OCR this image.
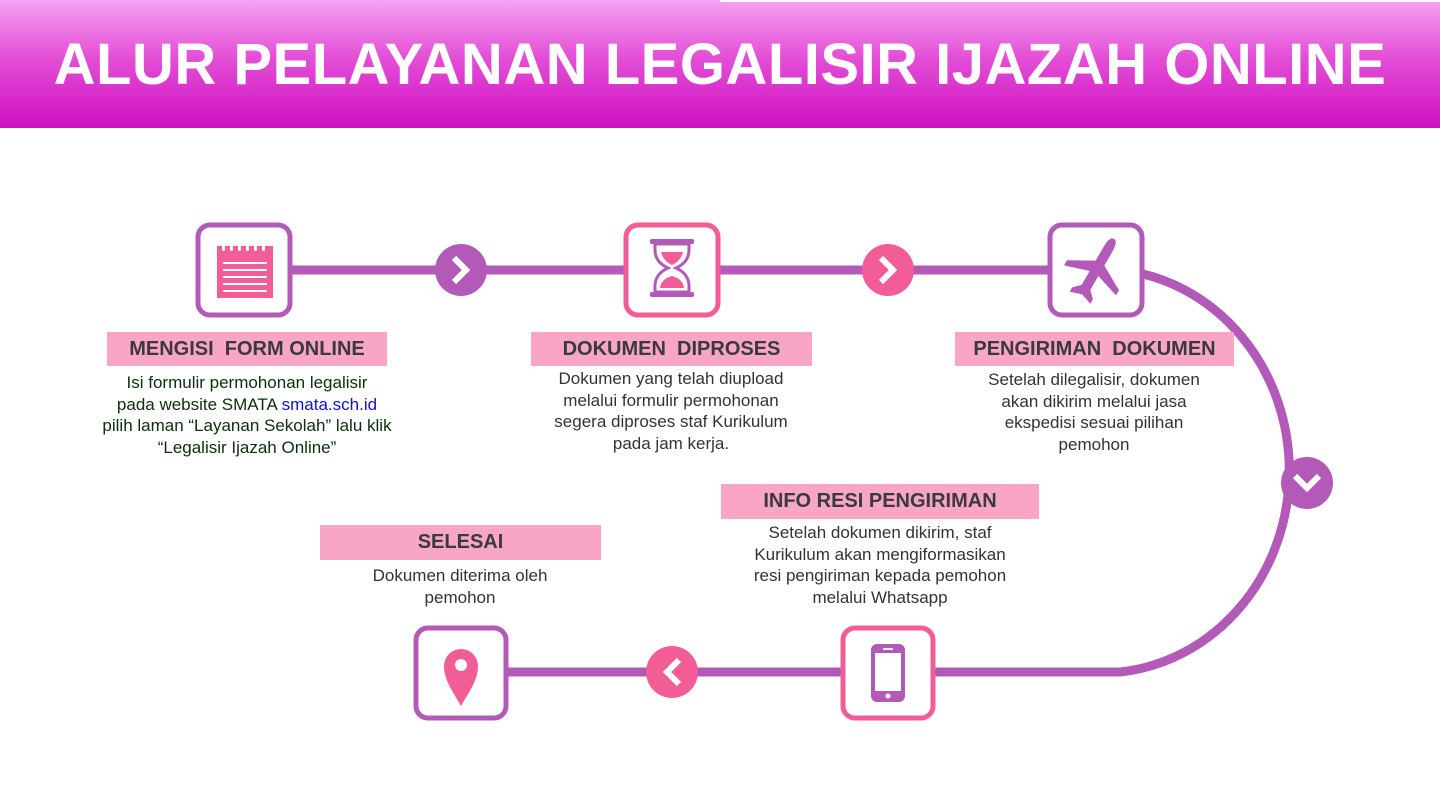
ALUR PELAYANAN LEGALISIR IJAZAH ONLINE
MENGISI  FORM ONLINE	DOKUMEN  DIPROSES	PENGIRIMAN  DOKUMEN
INFO RESI PENGIRIMAN
SELESAI
Isi formulir permohonan legalisir
pada website SMATA smata.sch.id
pilih laman “Layanan Sekolah” lalu klik
“Legalisir Ijazah Online”
Dokumen yang telah diupload
melalui formulir permohonan
segera diproses staf Kurikulum
pada jam kerja.
Setelah dilegalisir, dokumen
akan dikirim melalui jasa
ekspedisi sesuai pilihan
pemohon
Setelah dokumen dikirim, staf
Kurikulum akan mengiformasikan
resi pengiriman kepada pemohon
melalui Whatsapp
Dokumen diterima oleh
pemohon
